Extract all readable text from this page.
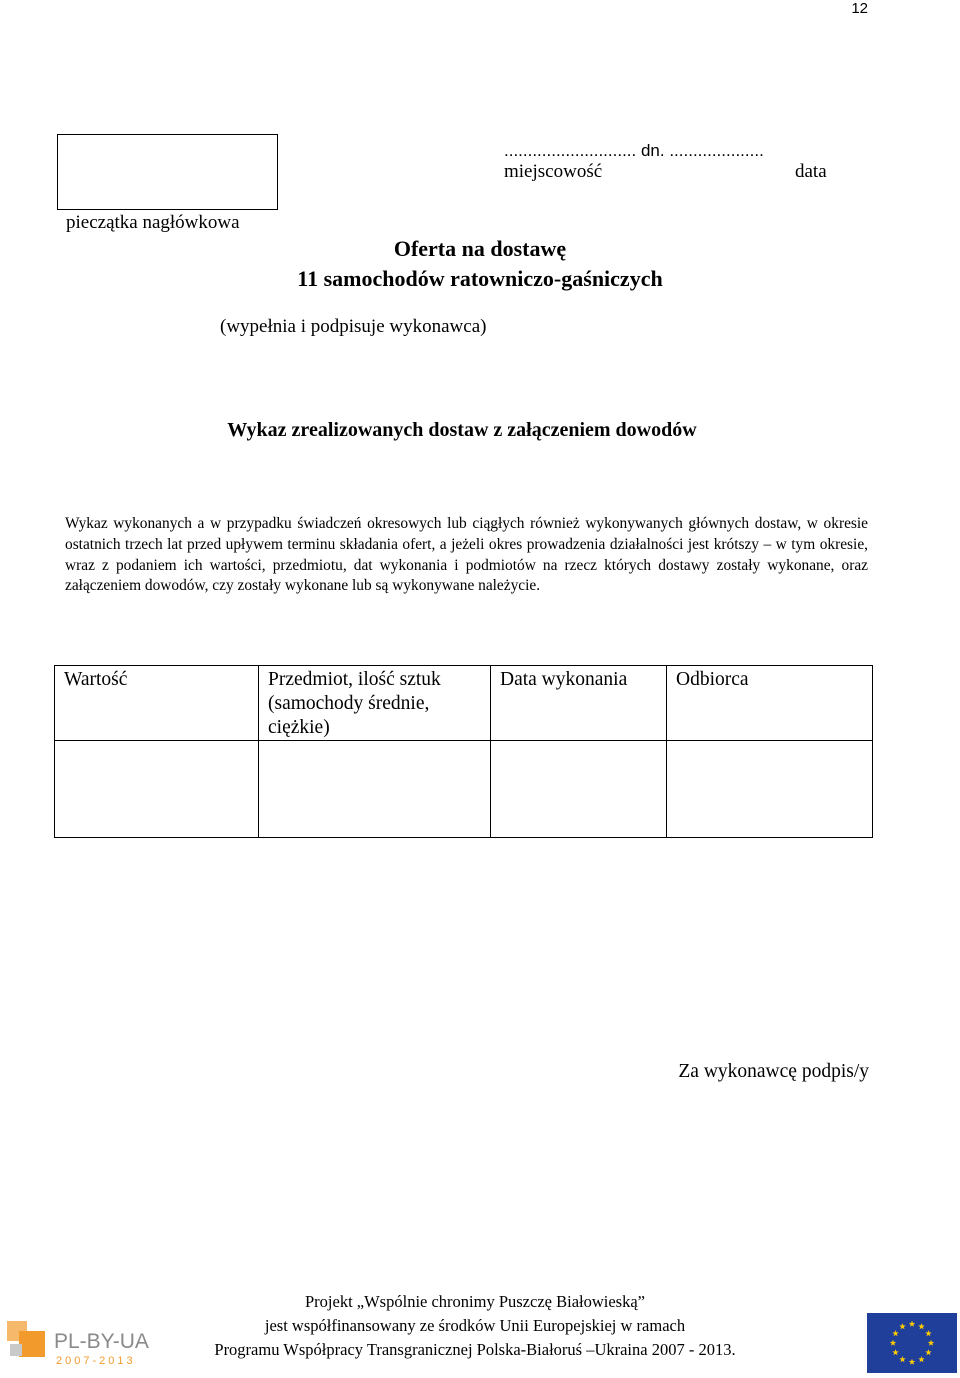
12
pieczątka nagłówkowa
............................ dn. ....................
miejscowość	data
Oferta na dostawę
11 samochodów ratowniczo-gaśniczych
(wypełnia i podpisuje wykonawca)
Wykaz zrealizowanych dostaw z załączeniem dowodów
Wykaz wykonanych a w przypadku świadczeń okresowych lub ciągłych również wykonywanych głównych dostaw, w okresie ostatnich trzech lat przed upływem terminu składania ofert, a jeżeli okres prowadzenia działalności jest krótszy – w tym okresie, wraz z podaniem ich wartości, przedmiotu, dat wykonania i podmiotów na rzecz których dostawy zostały wykonane, oraz załączeniem dowodów, czy zostały wykonane lub są wykonywane należycie.
Wartość	Przedmiot, ilość sztuk (samochody średnie, ciężkie)	Data wykonania	Odbiorca

Za wykonawcę podpis/y
Projekt „Wspólnie chronimy Puszczę Białowieską”
jest współfinansowany ze środków Unii Europejskiej w ramach
Programu Współpracy Transgranicznej Polska-Białoruś –Ukraina 2007 - 2013.
PL-BY-UA
2007-2013
